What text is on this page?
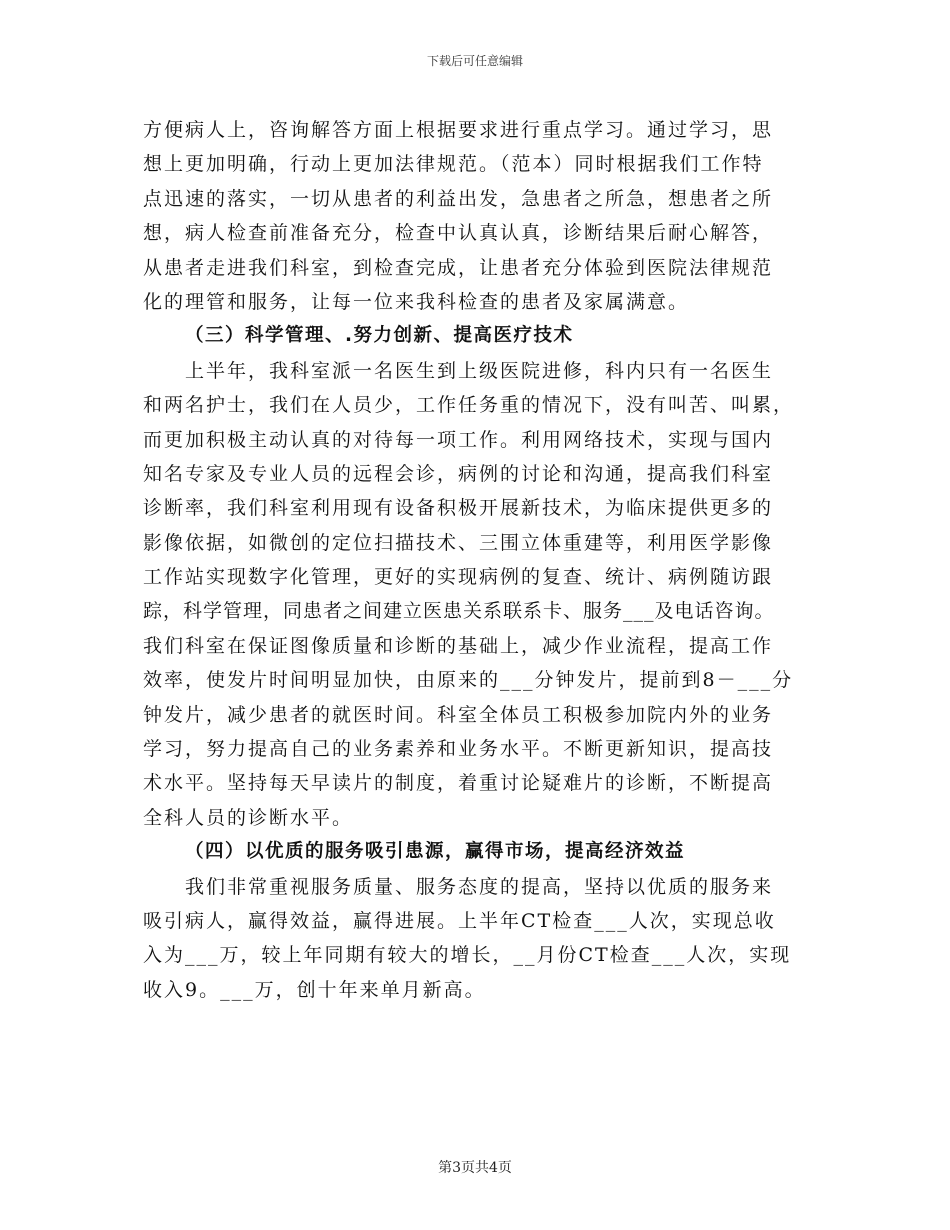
下载后可任意编辑
方便病人上，咨询解答方面上根据要求进行重点学习。通过学习，思
想上更加明确，行动上更加法律规范。（范本）同时根据我们工作特
点迅速的落实，一切从患者的利益出发，急患者之所急，想患者之所
想，病人检查前准备充分，检查中认真认真，诊断结果后耐心解答，
从患者走进我们科室，到检查完成，让患者充分体验到医院法律规范
化的理管和服务，让每一位来我科检查的患者及家属满意。
（三）科学管理、.努力创新、提高医疗技术
上半年，我科室派一名医生到上级医院进修，科内只有一名医生
和两名护士，我们在人员少，工作任务重的情况下，没有叫苦、叫累，
而更加积极主动认真的对待每一项工作。利用网络技术，实现与国内
知名专家及专业人员的远程会诊，病例的讨论和沟通，提高我们科室
诊断率，我们科室利用现有设备积极开展新技术，为临床提供更多的
影像依据，如微创的定位扫描技术、三围立体重建等，利用医学影像
工作站实现数字化管理，更好的实现病例的复查、统计、病例随访跟
踪，科学管理，同患者之间建立医患关系联系卡、服务___及电话咨询。
我们科室在保证图像质量和诊断的基础上，减少作业流程，提高工作
效率，使发片时间明显加快，由原来的___分钟发片，提前到8－___分
钟发片，减少患者的就医时间。科室全体员工积极参加院内外的业务
学习，努力提高自己的业务素养和业务水平。不断更新知识，提高技
术水平。坚持每天早读片的制度，着重讨论疑难片的诊断，不断提高
全科人员的诊断水平。
（四）以优质的服务吸引患源，赢得市场，提高经济效益
我们非常重视服务质量、服务态度的提高，坚持以优质的服务来
吸引病人，赢得效益，赢得进展。上半年CT检查___人次，实现总收
入为___万，较上年同期有较大的增长，__月份CT检查___人次，实现
收入9。___万，创十年来单月新高。
第3页共4页
